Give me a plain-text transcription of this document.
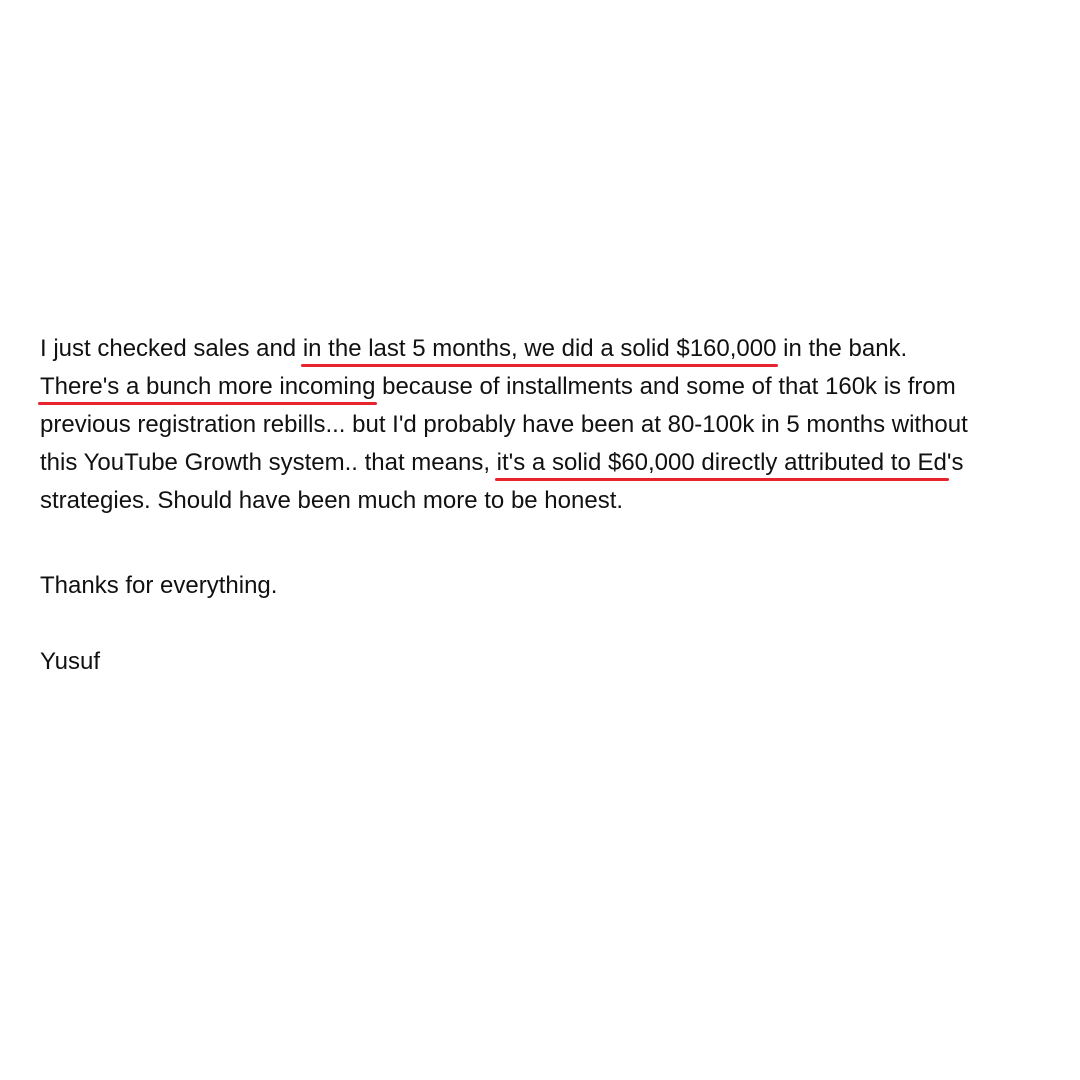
I just checked sales and in the last 5 months, we did a solid $160,000 in the bank.
There's a bunch more incoming because of installments and some of that 160k is from
previous registration rebills... but I'd probably have been at 80-100k in 5 months without
this YouTube Growth system.. that means, it's a solid $60,000 directly attributed to Ed's
strategies. Should have been much more to be honest.
Thanks for everything.
Yusuf
